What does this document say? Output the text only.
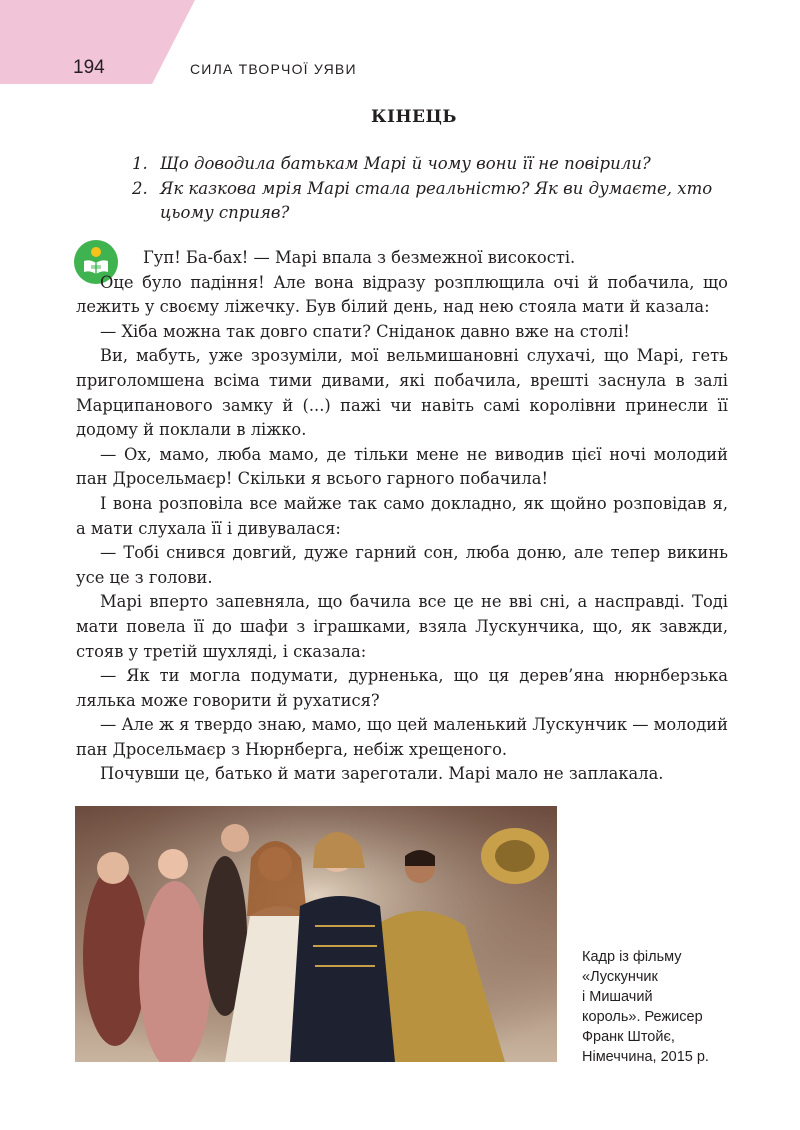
194	СИЛА ТВОРЧОЇ УЯВИ
КІНЕЦЬ
1. Що доводила батькам Марі й чому вони її не повірили?
2. Як казкова мрія Марі стала реальністю? Як ви думаєте, хто цьому сприяв?

Гуп! Ба-бах! — Марі впала з безмежної високості.

Оце було падіння! Але вона відразу розплющила очі й побачила, що лежить у своєму ліжечку. Був білий день, над нею стояла мати й казала:

— Хіба можна так довго спати? Сніданок давно вже на столі!

Ви, мабуть, уже зрозуміли, мої вельмишановні слухачі, що Марі, геть приголомшена всіма тими дивами, які побачила, врешті заснула в залі Марципанового замку й (...) пажі чи навіть самі королівни принесли її додому й поклали в ліжко.

— Ох, мамо, люба мамо, де тільки мене не виводив цієї ночі молодий пан Дросельмаєр! Скільки я всього гарного побачила!

І вона розповіла все майже так само докладно, як щойно розповідав я, а мати слухала її і дивувалася:

— Тобі снився довгий, дуже гарний сон, люба доню, але тепер викинь усе це з голови.

Марі вперто запевняла, що бачила все це не вві сні, а насправді. Тоді мати повела її до шафи з іграшками, взяла Лускунчика, що, як завжди, стояв у третій шухляді, і сказала:

— Як ти могла подумати, дурненька, що ця дерев’яна нюрнберзька лялька може говорити й рухатися?

— Але ж я твердо знаю, мамо, що цей маленький Лускунчик — молодий пан Дросельмаєр з Нюрнберга, небіж хрещеного.

Почувши це, батько й мати зареготали. Марі мало не заплакала.

Кадр із фільму
«Лускунчик
і Мишачий
король». Режисер
Франк Штойє,
Німеччина, 2015 р.
